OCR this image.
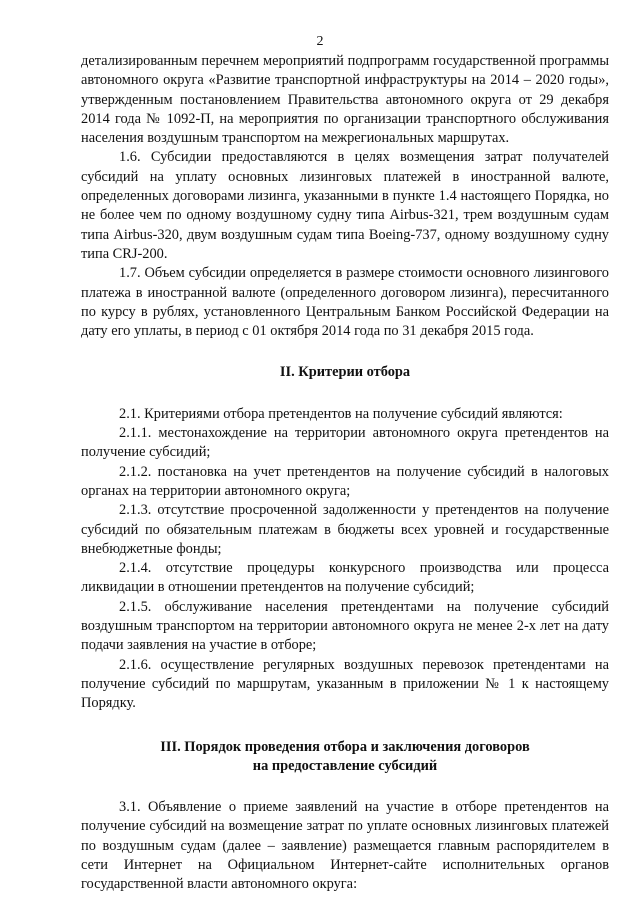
2

детализированным перечнем мероприятий подпрограмм государственной программы автономного округа «Развитие транспортной инфраструктуры на 2014 – 2020 годы», утвержденным постановлением Правительства автономного округа от 29 декабря 2014 года № 1092-П, на мероприятия по организации транспортного обслуживания населения воздушным транспортом на межрегиональных маршрутах.

1.6. Субсидии предоставляются в целях возмещения затрат получателей субсидий на уплату основных лизинговых платежей в иностранной валюте, определенных договорами лизинга, указанными в пункте 1.4 настоящего Порядка, но не более чем по одному воздушному судну типа Airbus-321, трем воздушным судам типа Airbus-320, двум воздушным судам типа Boeing-737, одному воздушному судну типа CRJ-200.

1.7. Объем субсидии определяется в размере стоимости основного лизингового платежа в иностранной валюте (определенного договором лизинга), пересчитанного по курсу в рублях, установленного Центральным Банком Российской Федерации на дату его уплаты, в период с 01 октября 2014 года по 31 декабря 2015 года.

II. Критерии отбора

2.1. Критериями отбора претендентов на получение субсидий являются:

2.1.1. местонахождение на территории автономного округа претендентов на получение субсидий;

2.1.2. постановка на учет претендентов на получение субсидий в налоговых органах на территории автономного округа;

2.1.3. отсутствие просроченной задолженности у претендентов на получение субсидий по обязательным платежам в бюджеты всех уровней и государственные внебюджетные фонды;

2.1.4. отсутствие процедуры конкурсного производства или процесса ликвидации в отношении претендентов на получение субсидий;

2.1.5. обслуживание населения претендентами на получение субсидий воздушным транспортом на территории автономного округа не менее 2-х лет на дату подачи заявления на участие в отборе;

2.1.6. осуществление регулярных воздушных перевозок претендентами на получение субсидий по маршрутам, указанным в приложении № 1 к настоящему Порядку.

III. Порядок проведения отбора и заключения договоров

на предоставление субсидий

3.1. Объявление о приеме заявлений на участие в отборе претендентов на получение субсидий на возмещение затрат по уплате основных лизинговых платежей по воздушным судам (далее – заявление) размещается главным распорядителем в сети Интернет на Официальном Интернет-сайте исполнительных органов государственной власти автономного округа:
